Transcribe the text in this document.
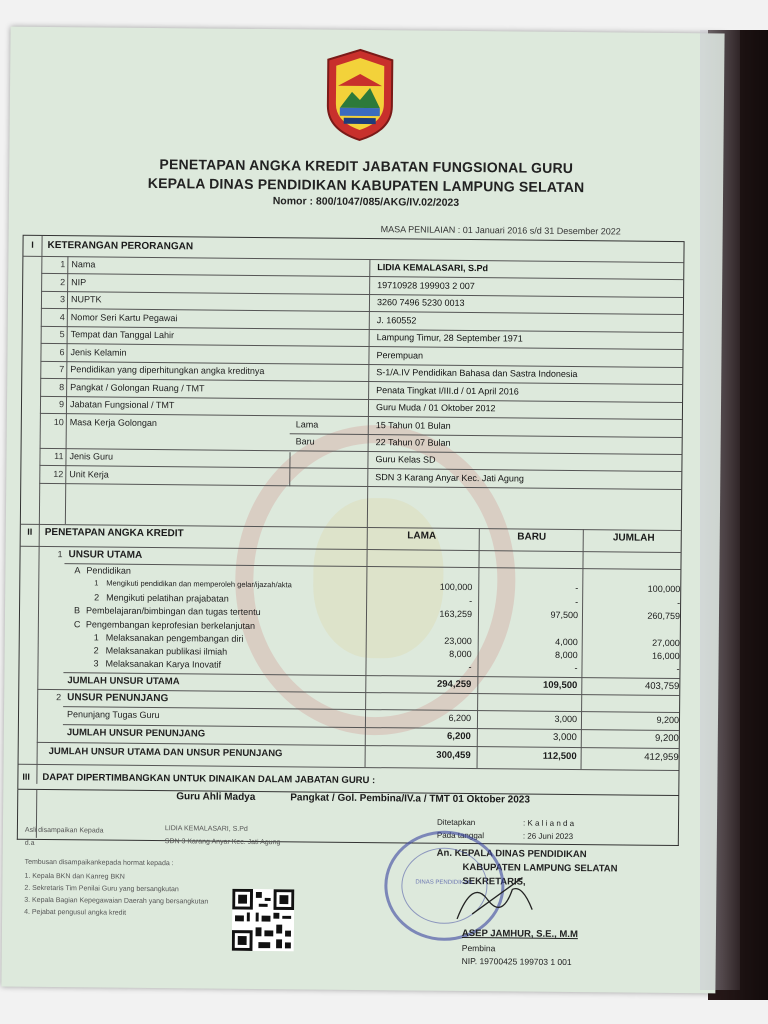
PENETAPAN ANGKA KREDIT JABATAN FUNGSIONAL GURU
KEPALA DINAS PENDIDIKAN KABUPATEN LAMPUNG SELATAN
Nomor : 800/1047/085/AKG/IV.02/2023
MASA PENILAIAN : 01 Januari 2016 s/d 31 Desember 2022
I	KETERANGAN PERORANGAN
II	PENETAPAN ANGKA KREDIT	LAMA	BARU	JUMLAH
1 UNSUR UTAMA
A Pendidikan
1 Mengikuti pendidikan dan memperoleh gelar/ijazah/akta	100,000	-	100,000
2 Mengikuti pelatihan prajabatan	-	-	-
B Pembelajaran/bimbingan dan tugas tertentu	163,259	97,500	260,759
C Pengembangan keprofesian berkelanjutan
1 Melaksanakan pengembangan diri	23,000	4,000	27,000
2 Melaksanakan publikasi ilmiah	8,000	8,000	16,000
3 Melaksanakan Karya Inovatif	-	-	-
JUMLAH UNSUR UTAMA	294,259	109,500	403,759
2 UNSUR PENUNJANG
Penunjang Tugas Guru	6,200	3,000	9,200
JUMLAH UNSUR PENUNJANG	6,200	3,000	9,200
JUMLAH UNSUR UTAMA DAN UNSUR PENUNJANG	300,459	112,500	412,959
1 Nama	LIDIA KEMALASARI, S.Pd
2 NIP	19710928 199903 2 007
3 NUPTK	3260 7496 5230 0013
4 Nomor Seri Kartu Pegawai	J. 160552
5 Tempat dan Tanggal Lahir	Lampung Timur, 28 September 1971
6 Jenis Kelamin	Perempuan
7 Pendidikan yang diperhitungkan angka kreditnya	S-1/A.IV Pendidikan Bahasa dan Sastra Indonesia
8 Pangkat / Golongan Ruang / TMT	Penata Tingkat I/III.d / 01 April 2016
9 Jabatan Fungsional / TMT	Guru Muda / 01 Oktober 2012
10 Masa Kerja Golongan	Lama	15 Tahun 01 Bulan
Baru	22 Tahun 07 Bulan
11 Jenis Guru	Guru Kelas SD
12 Unit Kerja	SDN 3 Karang Anyar Kec. Jati Agung
III DAPAT DIPERTIMBANGKAN UNTUK DINAIKAN DALAM JABATAN GURU :
Guru Ahli Madya	Pangkat / Gol. Pembina/IV.a / TMT 01 Oktober 2023
Asli disampaikan Kepada
d.a
LIDIA KEMALASARI, S.Pd
SDN 3 Karang Anyar Kec. Jati Agung
Tembusan disampaikankepada hormat kepada :
1. Kepala BKN dan Kanreg BKN
2. Sekretaris Tim Penilai Guru yang bersangkutan
3. Kepala Bagian Kepegawaian Daerah yang bersangkutan
4. Pejabat pengusul angka kredit
Ditetapkan	: K a l i a n d a
Pada tanggal	: 26 Juni 2023
An. KEPALA DINAS PENDIDIKAN
KABUPATEN LAMPUNG SELATAN
SEKRETARIS,
DINAS PENDIDIKAN
ASEP JAMHUR, S.E., M.M
Pembina
NIP. 19700425 199703 1 001
